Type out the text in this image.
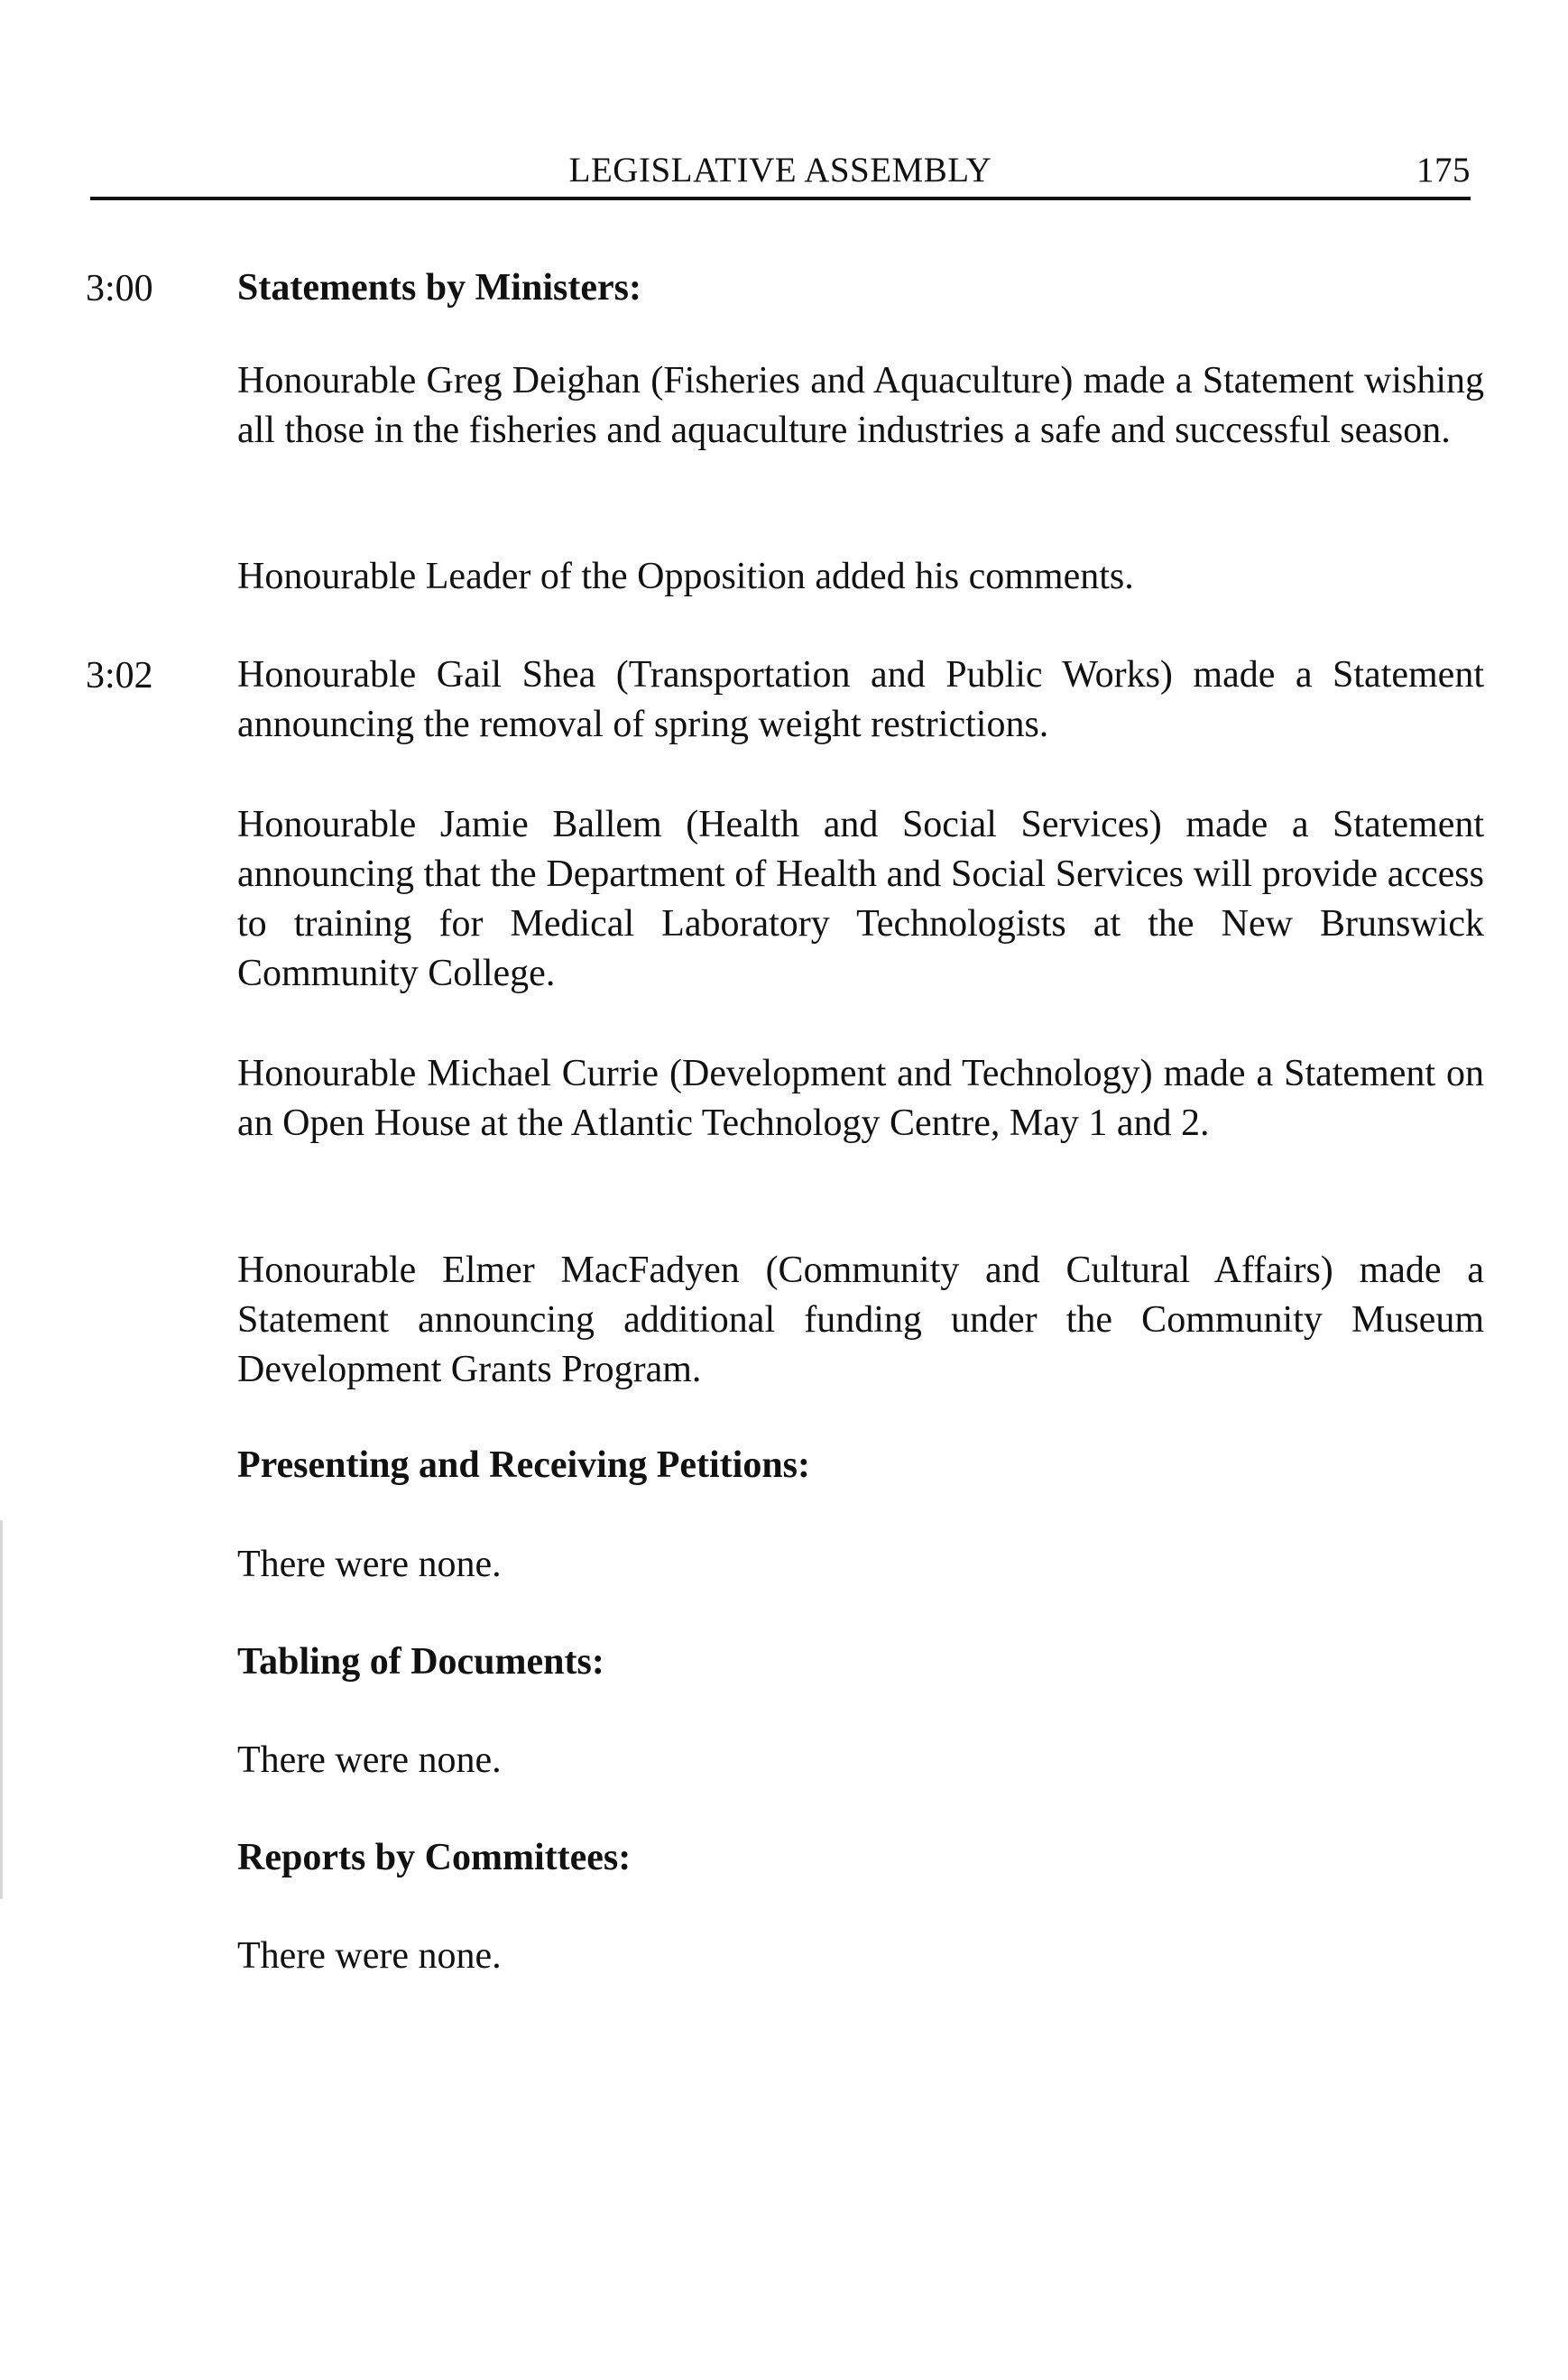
LEGISLATIVE ASSEMBLY	175
3:00	Statements by Ministers:
Honourable Greg Deighan (Fisheries and Aquaculture) made a Statement wishing all those in the fisheries and aquaculture industries a safe and successful season.
Honourable Leader of the Opposition added his comments.
3:02	Honourable Gail Shea (Transportation and Public Works) made a Statement announcing the removal of spring weight restrictions.
Honourable Jamie Ballem (Health and Social Services) made a Statement announcing that the Department of Health and Social Services will provide access to training for Medical Laboratory Technologists at the New Brunswick Community College.
Honourable Michael Currie (Development and Technology) made a Statement on an Open House at the Atlantic Technology Centre, May 1 and 2.
Honourable Elmer MacFadyen (Community and Cultural Affairs) made a Statement announcing additional funding under the Community Museum Development Grants Program.
Presenting and Receiving Petitions:
There were none.
Tabling of Documents:
There were none.
Reports by Committees:
There were none.
